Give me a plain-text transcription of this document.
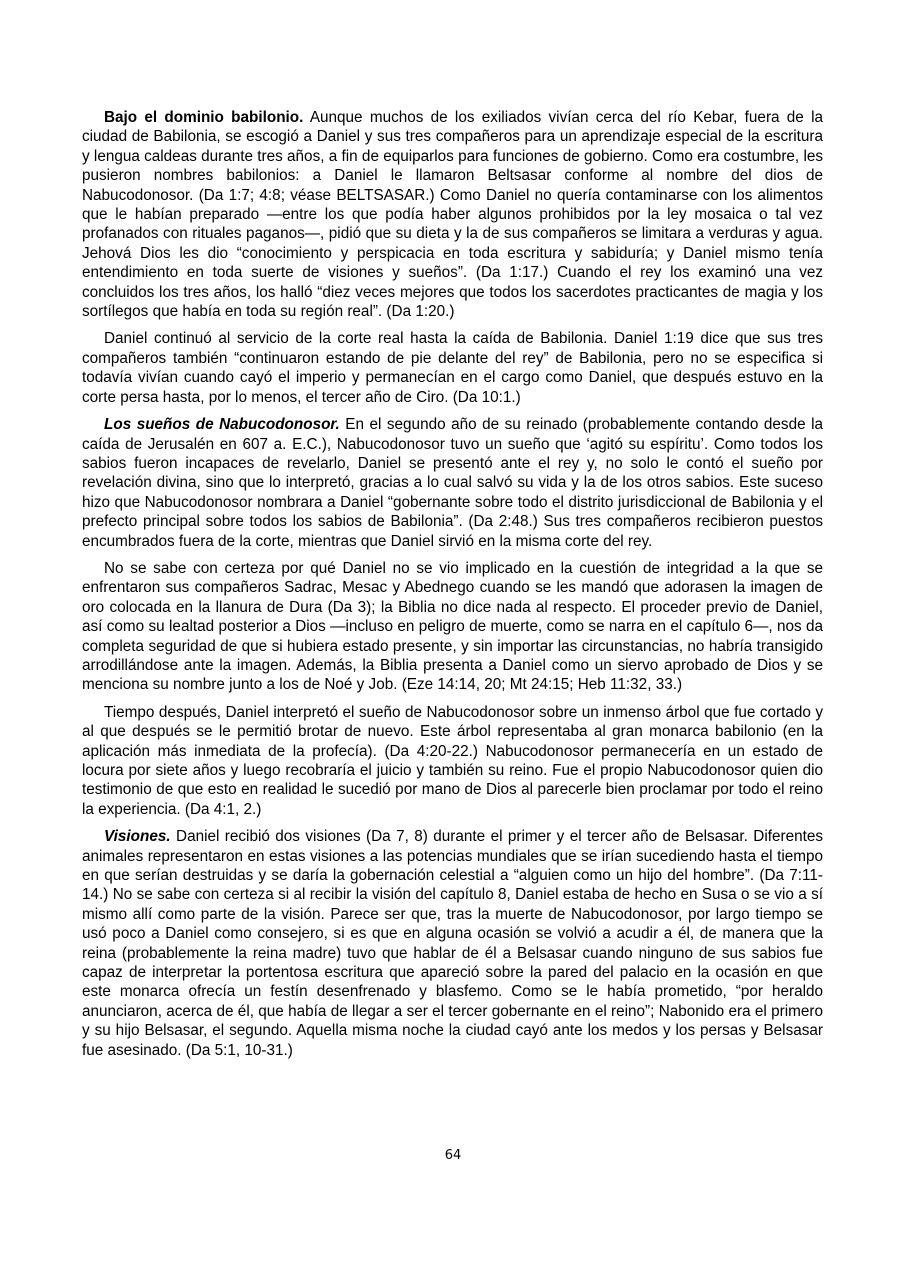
Bajo el dominio babilonio. Aunque muchos de los exiliados vivían cerca del río Kebar, fuera de la ciudad de Babilonia, se escogió a Daniel y sus tres compañeros para un aprendizaje especial de la escritura y lengua caldeas durante tres años, a fin de equiparlos para funciones de gobierno. Como era costumbre, les pusieron nombres babilonios: a Daniel le llamaron Beltsasar conforme al nombre del dios de Nabucodonosor. (Da 1:7; 4:8; véase BELTSASAR.) Como Daniel no quería contaminarse con los alimentos que le habían preparado —entre los que podía haber algunos prohibidos por la ley mosaica o tal vez profanados con rituales paganos—, pidió que su dieta y la de sus compañeros se limitara a verduras y agua. Jehová Dios les dio “conocimiento y perspicacia en toda escritura y sabiduría; y Daniel mismo tenía entendimiento en toda suerte de visiones y sueños”. (Da 1:17.) Cuando el rey los examinó una vez concluidos los tres años, los halló “diez veces mejores que todos los sacerdotes practicantes de magia y los sortílegos que había en toda su región real”. (Da 1:20.)

Daniel continuó al servicio de la corte real hasta la caída de Babilonia. Daniel 1:19 dice que sus tres compañeros también “continuaron estando de pie delante del rey” de Babilonia, pero no se especifica si todavía vivían cuando cayó el imperio y permanecían en el cargo como Daniel, que después estuvo en la corte persa hasta, por lo menos, el tercer año de Ciro. (Da 10:1.)

Los sueños de Nabucodonosor. En el segundo año de su reinado (probablemente contando desde la caída de Jerusalén en 607 a. E.C.), Nabucodonosor tuvo un sueño que ‘agitó su espíritu’. Como todos los sabios fueron incapaces de revelarlo, Daniel se presentó ante el rey y, no solo le contó el sueño por revelación divina, sino que lo interpretó, gracias a lo cual salvó su vida y la de los otros sabios. Este suceso hizo que Nabucodonosor nombrara a Daniel “gobernante sobre todo el distrito jurisdiccional de Babilonia y el prefecto principal sobre todos los sabios de Babilonia”. (Da 2:48.) Sus tres compañeros recibieron puestos encumbrados fuera de la corte, mientras que Daniel sirvió en la misma corte del rey.

No se sabe con certeza por qué Daniel no se vio implicado en la cuestión de integridad a la que se enfrentaron sus compañeros Sadrac, Mesac y Abednego cuando se les mandó que adorasen la imagen de oro colocada en la llanura de Dura (Da 3); la Biblia no dice nada al respecto. El proceder previo de Daniel, así como su lealtad posterior a Dios —incluso en peligro de muerte, como se narra en el capítulo 6—, nos da completa seguridad de que si hubiera estado presente, y sin importar las circunstancias, no habría transigido arrodillándose ante la imagen. Además, la Biblia presenta a Daniel como un siervo aprobado de Dios y se menciona su nombre junto a los de Noé y Job. (Eze 14:14, 20; Mt 24:15; Heb 11:32, 33.)

Tiempo después, Daniel interpretó el sueño de Nabucodonosor sobre un inmenso árbol que fue cortado y al que después se le permitió brotar de nuevo. Este árbol representaba al gran monarca babilonio (en la aplicación más inmediata de la profecía). (Da 4:20-22.) Nabucodonosor permanecería en un estado de locura por siete años y luego recobraría el juicio y también su reino. Fue el propio Nabucodonosor quien dio testimonio de que esto en realidad le sucedió por mano de Dios al parecerle bien proclamar por todo el reino la experiencia. (Da 4:1, 2.)

Visiones. Daniel recibió dos visiones (Da 7, 8) durante el primer y el tercer año de Belsasar. Diferentes animales representaron en estas visiones a las potencias mundiales que se irían sucediendo hasta el tiempo en que serían destruidas y se daría la gobernación celestial a “alguien como un hijo del hombre”. (Da 7:11-14.) No se sabe con certeza si al recibir la visión del capítulo 8, Daniel estaba de hecho en Susa o se vio a sí mismo allí como parte de la visión. Parece ser que, tras la muerte de Nabucodonosor, por largo tiempo se usó poco a Daniel como consejero, si es que en alguna ocasión se volvió a acudir a él, de manera que la reina (probablemente la reina madre) tuvo que hablar de él a Belsasar cuando ninguno de sus sabios fue capaz de interpretar la portentosa escritura que apareció sobre la pared del palacio en la ocasión en que este monarca ofrecía un festín desenfrenado y blasfemo. Como se le había prometido, “por heraldo anunciaron, acerca de él, que había de llegar a ser el tercer gobernante en el reino”; Nabonido era el primero y su hijo Belsasar, el segundo. Aquella misma noche la ciudad cayó ante los medos y los persas y Belsasar fue asesinado. (Da 5:1, 10-31.)

64
